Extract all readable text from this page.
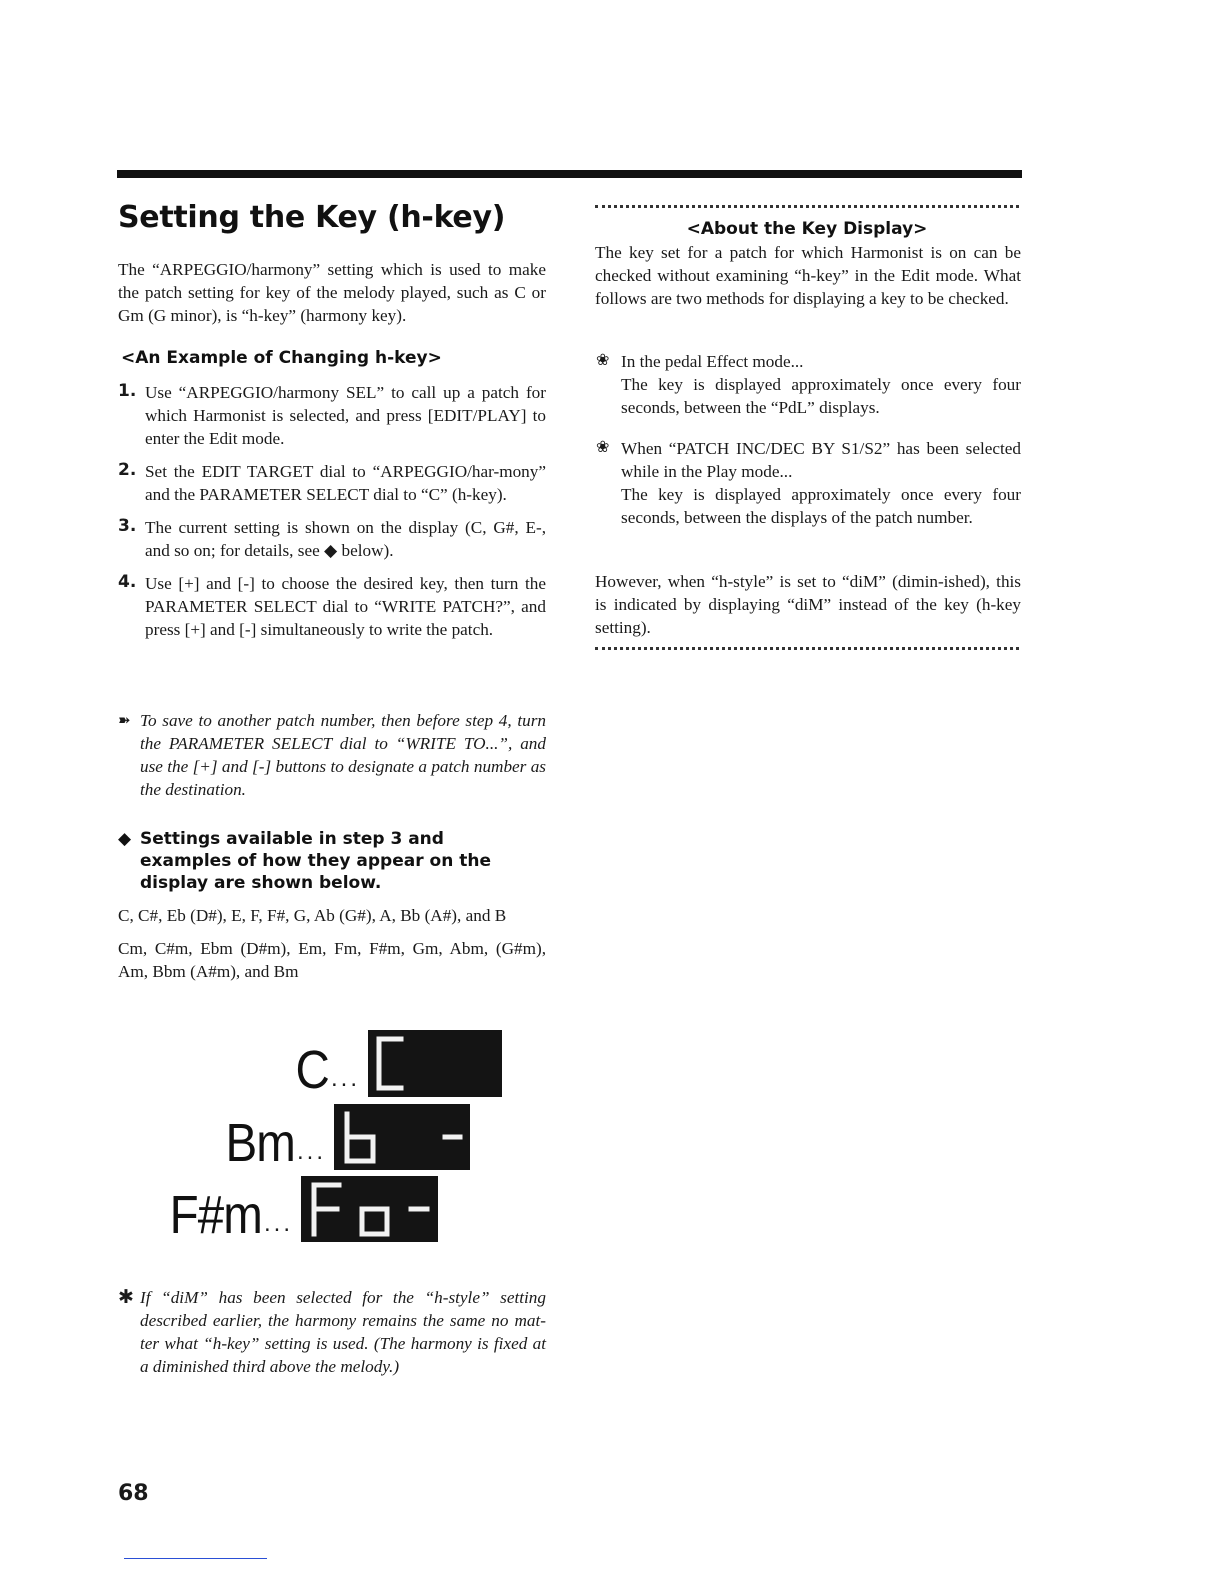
Setting the Key (h-key)

The “ARPEGGIO/harmony” setting which is used to make the patch setting for key of the melody played, such as C or Gm (G minor), is “h-key” (harmony key).

<An Example of Changing h-key>
1. Use “ARPEGGIO/harmony SEL” to call up a patch for which Harmonist is selected, and press [EDIT/PLAY] to enter the Edit mode.

2. Set the EDIT TARGET dial to “ARPEGGIO/har-mony” and the PARAMETER SELECT dial to “C” (h-key).

3. The current setting is shown on the display (C, G#, E-, and so on; for details, see ◆ below).

4. Use [+] and [-] to choose the desired key, then turn the PARAMETER SELECT dial to “WRITE PATCH?”, and press [+] and [-] simultaneously to write the patch.

➽ To save to another patch number, then before step 4, turn the PARAMETER SELECT dial to “WRITE TO...”, and use the [+] and [-] buttons to designate a patch number as the destination.

◆ Settings available in step 3 and examples of how they appear on the display are shown below.

C, C#, Eb (D#), E, F, F#, G, Ab (G#), A, Bb (A#), and B

Cm, C#m, Ebm (D#m), Em, Fm, F#m, Gm, Abm, (G#m), Am, Bbm (A#m), and Bm

C ...
Bm ...
F#m ...
✱ If “diM” has been selected for the “h-style” setting described earlier, the harmony remains the same no mat-ter what “h-key” setting is used. (The harmony is fixed at a diminished third above the melody.)

68
<About the Key Display>

The key set for a patch for which Harmonist is on can be checked without examining “h-key” in the Edit mode. What follows are two methods for displaying a key to be checked.

❀ In the pedal Effect mode...

The key is displayed approximately once every four seconds, between the “PdL” displays.

❀ When “PATCH INC/DEC BY S1/S2” has been selected while in the Play mode...

The key is displayed approximately once every four seconds, between the displays of the patch number.

However, when “h-style” is set to “diM” (dimin-ished), this is indicated by displaying “diM” instead of the key (h-key setting).
